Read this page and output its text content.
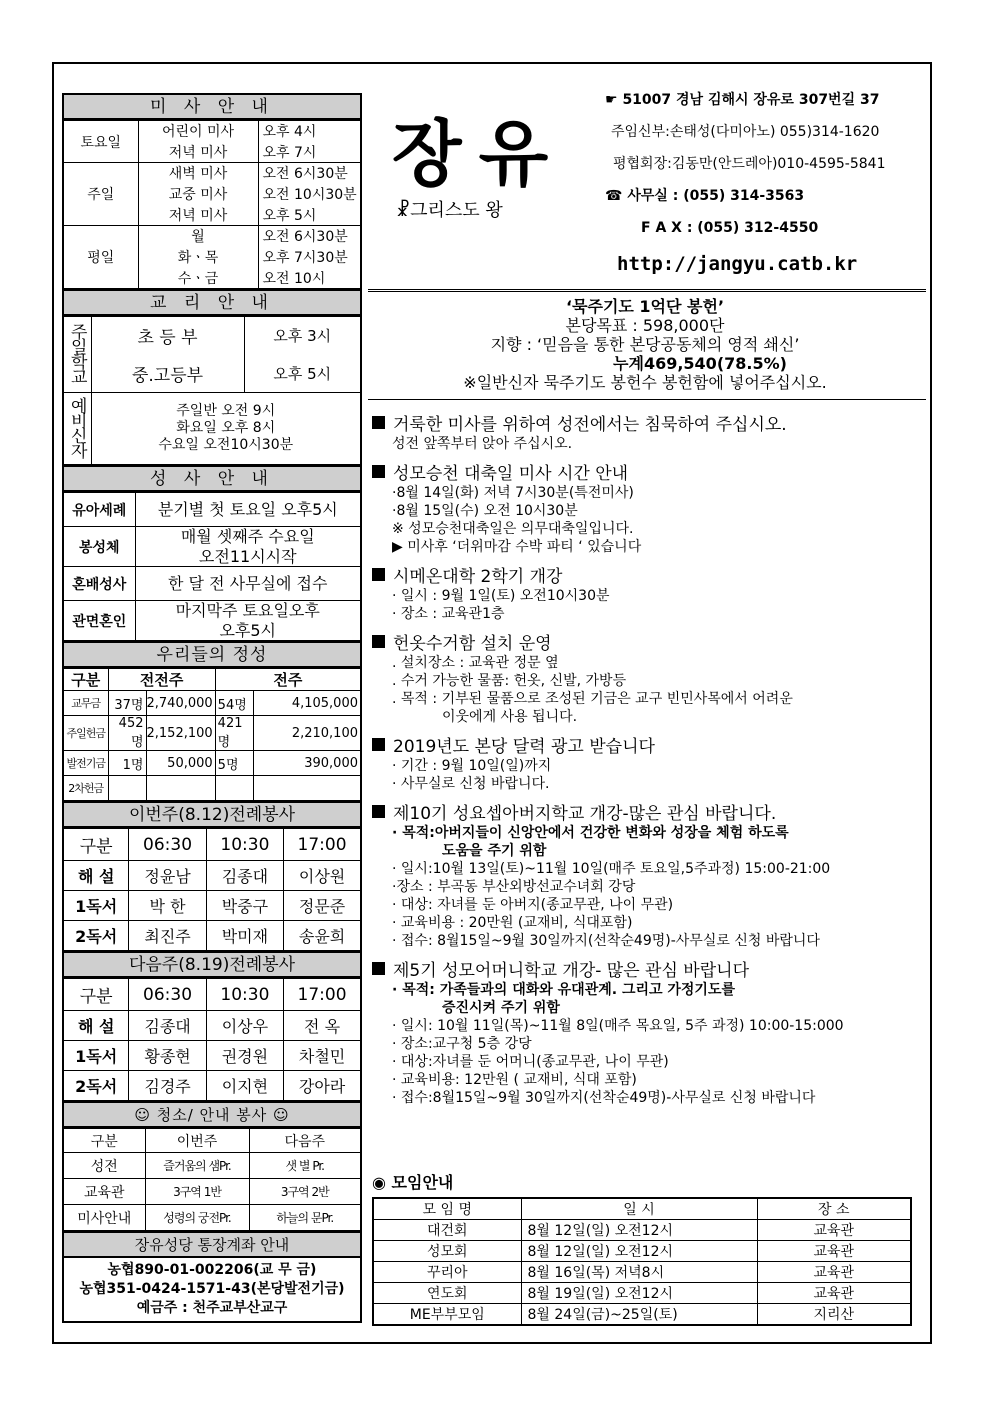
미 사 안 내
토요일	어린이 미사	오후 4시
	저녁 미사	오후 7시
주일	새벽 미사	오전 6시30분
	교중 미사	오전 10시30분
	저녁 미사	오후 5시
평일	월	오전 6시30분
	화ㆍ목	오후 7시30분
	수ㆍ금	오전 10시
교 리 안 내
주일학교	초 등 부	오후 3시
	중.고등부	오후 5시
예비신자	주일반 오전 9시
화요일 오후 8시
수요일 오전10시30분	
성 사 안 내
유아세례	분기별 첫 토요일 오후5시

봉성체	매월 셋째주 수요일
오전11시시작

혼배성사	한 달 전 사무실에 접수

관면혼인	마지막주 토요일오후
오후5시
우리들의 정성
구분	전전주		전주	
교무금	37명	2,740,000	54명	4,105,000
주일헌금	452명	2,152,100	421명	2,210,100
발전기금	1명	50,000	5명	390,000
2차헌금				
이번주(8.12)전례봉사
구분	06:30	10:30	17:00
해 설	정윤남	김종대	이상원
1독서	박 한	박중구	정문준
2독서	최진주	박미재	송윤희
다음주(8.19)전례봉사
구분	06:30	10:30	17:00
해 설	김종대	이상우	전 옥
1독서	황종현	권경원	차철민
2독서	김경주	이지현	강아라
☺ 청소/ 안내 봉사 ☺
구분	이번주	다음주
성전	즐거움의 샘Pr.	샛 별 Pr.
교육관	3구역 1반	3구역 2반
미사안내	성령의 궁전Pr.	하늘의 문Pr.
장유성당 통장계좌 안내
농협890-01-002206(교 무 금)
농협351-0424-1571-43(본당발전기금)
예금주 : 천주교부산교구
장 유
☧그리스도 왕
☛ 51007 경남 김해시 장유로 307번길 37
주임신부:손태성(다미아노) 055)314-1620
평협회장:김동만(안드레아)010-4595-5841
☎ 사무실 : (055) 314-3563
F A X : (055) 312-4550
http://jangyu.catb.kr
‘묵주기도 1억단 봉헌’
본당목표 : 598,000단
지향 : ‘믿음을 통한 본당공동체의 영적 쇄신’
누계469,540(78.5%)
※일반신자 묵주기도 봉헌수 봉헌함에 넣어주십시오.
거룩한 미사를 위하여 성전에서는 침묵하여 주십시오.
성전 앞쪽부터 앉아 주십시오.
성모승천 대축일 미사 시간 안내
·8월 14일(화) 저녁 7시30분(특전미사)
·8월 15일(수) 오전 10시30분
※ 성모승천대축일은 의무대축일입니다.
▶ 미사후 ‘더위마감 수박 파티 ‘ 있습니다
시메온대학 2학기 개강
· 일시 : 9월 1일(토) 오전10시30분
· 장소 : 교육관1층
헌옷수거함 설치 운영
. 설치장소 : 교육관 정문 옆
. 수거 가능한 물품: 헌옷, 신발, 가방등
. 목적 : 기부된 물품으로 조성된 기금은 교구 빈민사목에서 어려운
이웃에게 사용 됩니다.
2019년도 본당 달력 광고 받습니다
· 기간 : 9월 10일(일)까지
· 사무실로 신청 바랍니다.
제10기 성요셉아버지학교 개강-많은 관심 바랍니다.
· 목적:아버지들이 신앙안에서 건강한 변화와 성장을 체험 하도록
도움을 주기 위함
· 일시:10월 13일(토)~11월 10일(매주 토요일,5주과정) 15:00-21:00
·장소 : 부곡동 부산외방선교수녀회 강당
· 대상: 자녀를 둔 아버지(종교무관, 나이 무관)
· 교육비용 : 20만원 (교재비, 식대포함)
· 접수: 8월15일~9월 30일까지(선착순49명)-사무실로 신청 바랍니다
제5기 성모어머니학교 개강- 많은 관심 바랍니다
· 목적: 가족들과의 대화와 유대관계. 그리고 가정기도를
증진시켜 주기 위함
· 일시: 10월 11일(목)~11월 8일(매주 목요일, 5주 과정) 10:00-15:000
· 장소:교구청 5층 강당
· 대상:자녀를 둔 어머니(종교무관, 나이 무관)
· 교육비용: 12만원 ( 교재비, 식대 포함)
· 접수:8월15일~9월 30일까지(선착순49명)-사무실로 신청 바랍니다
◉ 모임안내
모 임 명	일 시	장 소
대건회	8월 12일(일) 오전12시	교육관
성모회	8월 12일(일) 오전12시	교육관
꾸리아	8월 16일(목) 저녁8시	교육관
연도회	8월 19일(일) 오전12시	교육관
ME부부모임	8월 24일(금)~25일(토)	지리산
